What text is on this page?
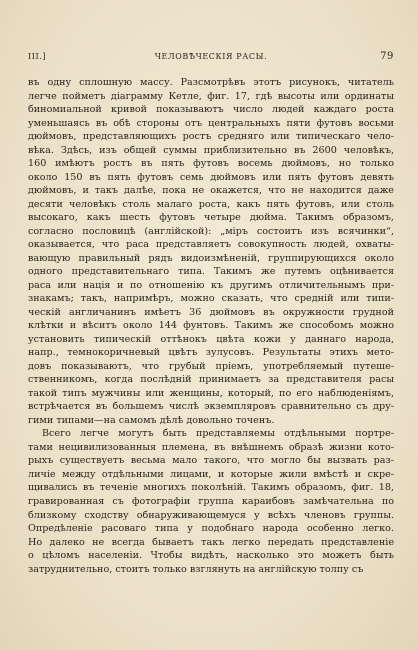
III.]	ЧЕЛОВѢЧЕСКІЯ РАСЫ.	79
въ одну сплошную массу. Разсмотрѣвъ этотъ рисунокъ, читатель
легче пойметъ діаграмму Кетле, фиг. 17, гдѣ высоты или ординаты
биномиальной кривой показываютъ число людей каждаго роста
уменьшаясь въ обѣ стороны отъ центральныхъ пяти футовъ восьми
дюймовъ, представляющихъ ростъ средняго или типическаго чело-
вѣка. Здѣсь, изъ общей суммы приблизительно въ 2600 человѣкъ,
160 имѣютъ ростъ въ пять футовъ восемь дюймовъ, но только
около 150 въ пять футовъ семь дюймовъ или пять футовъ девять
дюймовъ, и такъ далѣе, пока не окажется, что не находится даже
десяти человѣкъ столь малаго роста, какъ пять футовъ, или столь
высокаго, какъ шесть футовъ четыре дюйма. Такимъ образомъ,
согласно пословицѣ (англійской): „міръ состоитъ изъ всячинки“,
оказывается, что раса представляетъ совокупность людей, охваты-
вающую правильный рядъ видоизмѣненій, группирующихся около
одного представительнаго типа. Такимъ же путемъ оцѣнивается
раса или нація и по отношенію къ другимъ отличительнымъ при-
знакамъ; такъ, напримѣръ, можно сказать, что средній или типи-
ческій англичанинъ имѣетъ 36 дюймовъ въ окружности грудной
клѣтки и вѣситъ около 144 фунтовъ. Такимъ же способомъ можно
установить типическій оттѣнокъ цвѣта кожи у даннаго народа,
напр., темнокоричневый цвѣтъ зулусовъ. Результаты этихъ мето-
довъ показываютъ, что грубый пріемъ, употребляемый путеше-
ственникомъ, когда послѣдній принимаетъ за представителя расы
такой типъ мужчины или женщины, который, по его наблюденіямъ,
встрѣчается въ большемъ числѣ экземпляровъ сравнительно съ дру-
гими типами—на самомъ дѣлѣ довольно точенъ.
Всего легче могутъ быть представляемы отдѣльными портре-
тами нецивилизованныя племена, въ внѣшнемъ образѣ жизни кото-
рыхъ существуетъ весьма мало такого, что могло бы вызвать раз-
личіе между отдѣльными лицами, и которые жили вмѣстѣ и скре-
щивались въ теченіе многихъ поколѣній. Такимъ образомъ, фиг. 18,
гравированная съ фотографіи группа караибовъ замѣчательна по
близкому сходству обнаруживающемуся у всѣхъ членовъ группы.
Опредѣленіе расоваго типа у подобнаго народа особенно легко.
Но далеко не всегда бываетъ такъ легко передать представленіе
о цѣломъ населеніи. Чтобы видѣть, насколько это можетъ быть
затруднительно, стоитъ только взглянуть на англійскую толпу съ
